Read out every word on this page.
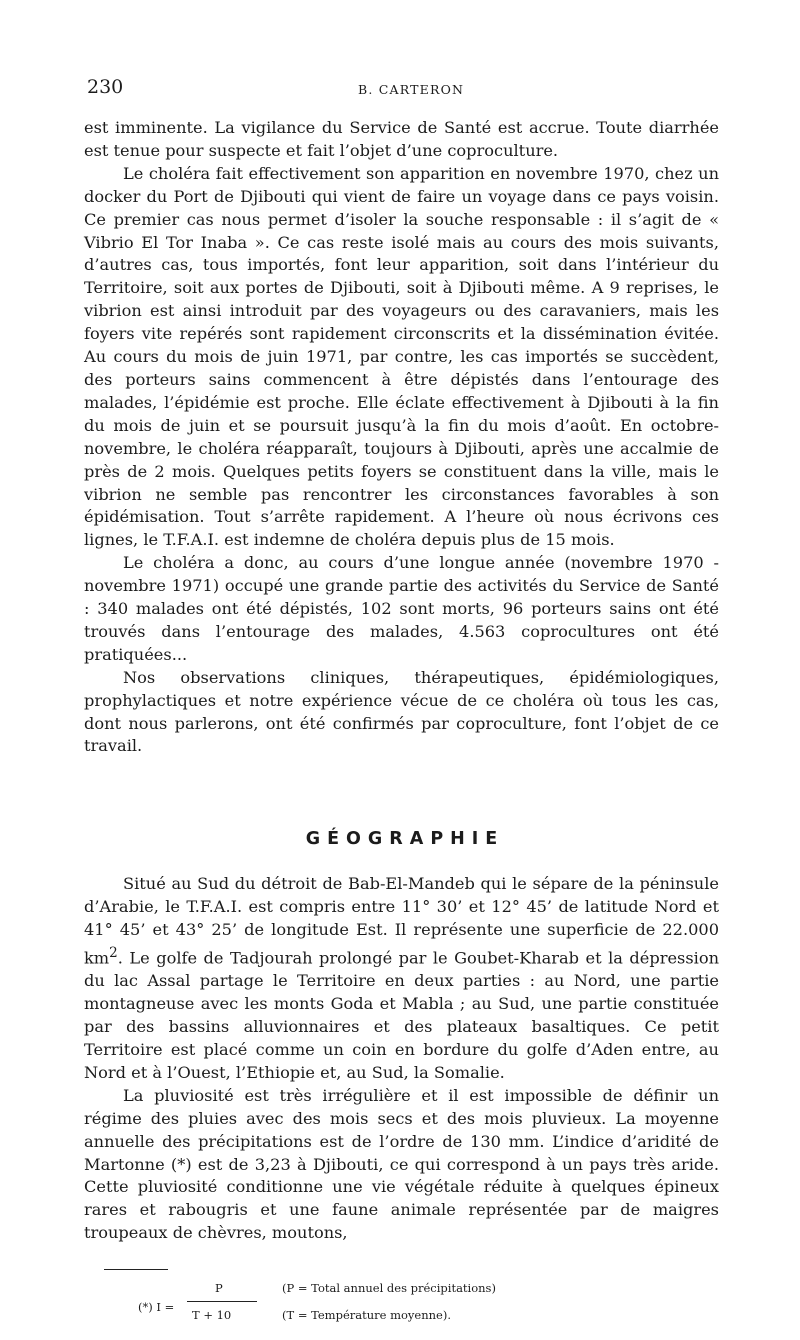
230	B. CARTERON

est imminente. La vigilance du Service de Santé est accrue. Toute diarrhée est tenue pour suspecte et fait l’objet d’une coproculture.

Le choléra fait effectivement son apparition en novembre 1970, chez un docker du Port de Djibouti qui vient de faire un voyage dans ce pays voisin. Ce premier cas nous permet d’isoler la souche responsable : il s’agit de « Vibrio El Tor Inaba ». Ce cas reste isolé mais au cours des mois suivants, d’autres cas, tous importés, font leur apparition, soit dans l’intérieur du Territoire, soit aux portes de Djibouti, soit à Djibouti même. A 9 reprises, le vibrion est ainsi introduit par des voyageurs ou des caravaniers, mais les foyers vite repérés sont rapidement circonscrits et la dissémination évitée. Au cours du mois de juin 1971, par contre, les cas importés se succèdent, des porteurs sains commencent à être dépistés dans l’entourage des malades, l’épidémie est proche. Elle éclate effectivement à Djibouti à la fin du mois de juin et se poursuit jusqu’à la fin du mois d’août. En octobre-novembre, le choléra réapparaît, toujours à Djibouti, après une accalmie de près de 2 mois. Quelques petits foyers se constituent dans la ville, mais le vibrion ne semble pas rencontrer les circonstances favorables à son épidémisation. Tout s’arrête rapidement. A l’heure où nous écrivons ces lignes, le T.F.A.I. est indemne de choléra depuis plus de 15 mois.

Le choléra a donc, au cours d’une longue année (novembre 1970 - novembre 1971) occupé une grande partie des activités du Service de Santé : 340 malades ont été dépistés, 102 sont morts, 96 porteurs sains ont été trouvés dans l’entourage des malades, 4.563 coprocultures ont été pratiquées...

Nos observations cliniques, thérapeutiques, épidémiologiques, prophylactiques et notre expérience vécue de ce choléra où tous les cas, dont nous parlerons, ont été confirmés par coproculture, font l’objet de ce travail.

GÉOGRAPHIE

Situé au Sud du détroit de Bab-El-Mandeb qui le sépare de la péninsule d’Arabie, le T.F.A.I. est compris entre 11° 30’ et 12° 45’ de latitude Nord et 41° 45’ et 43° 25’ de longitude Est. Il représente une superficie de 22.000 $km^2$. Le golfe de Tadjourah prolongé par le Goubet-Kharab et la dépression du lac Assal partage le Territoire en deux parties : au Nord, une partie montagneuse avec les monts Goda et Mabla ; au Sud, une partie constituée par des bassins alluvionnaires et des plateaux basaltiques. Ce petit Territoire est placé comme un coin en bordure du golfe d’Aden entre, au Nord et à l’Ouest, l’Ethiopie et, au Sud, la Somalie.

La pluviosité est très irrégulière et il est impossible de définir un régime des pluies avec des mois secs et des mois pluvieux. La moyenne annuelle des précipitations est de l’ordre de 130 mm. L’indice d’aridité de Martonne (*) est de 3,23 à Djibouti, ce qui correspond à un pays très aride. Cette pluviosité conditionne une vie végétale réduite à quelques épineux rares et rabougris et une faune animale représentée par de maigres troupeaux de chèvres, moutons,

(*) I =
P
T + 10
(P = Total annuel des précipitations)
(T = Température moyenne).
